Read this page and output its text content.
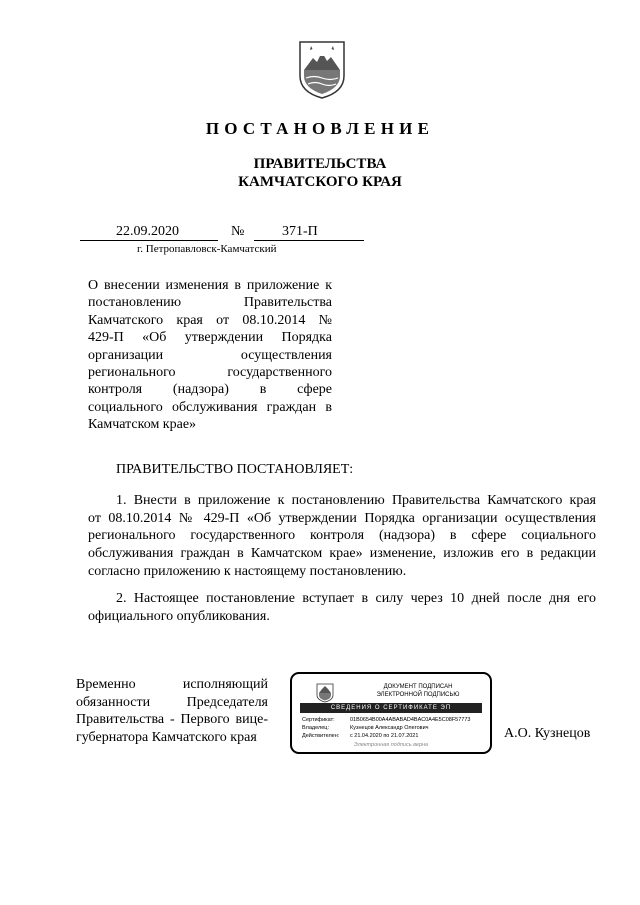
ПОСТАНОВЛЕНИЕ
ПРАВИТЕЛЬСТВА
КАМЧАТСКОГО КРАЯ
22.09.2020	№	371-П
г. Петропавловск-Камчатский
О внесении изменения в приложение к
постановлению Правительства
Камчатского края от 08.10.2014 №
429-П «Об утверждении Порядка
организации осуществления
регионального государственного
контроля (надзора) в сфере
социального обслуживания граждан в
Камчатском крае»
ПРАВИТЕЛЬСТВО ПОСТАНОВЛЯЕТ:
1. Внести в приложение к постановлению Правительства Камчатского края
от 08.10.2014 № 429-П «Об утверждении Порядка организации осуществления
регионального государственного контроля (надзора) в сфере социального
обслуживания граждан в Камчатском крае» изменение, изложив его в редакции
согласно приложению к настоящему постановлению.
2. Настоящее постановление вступает в силу через 10 дней после дня его
официального опубликования.
Временно исполняющий
обязанности Председателя
Правительства - Первого вице-
губернатора Камчатского края	А.О. Кузнецов
ДОКУМЕНТ ПОДПИСАН
ЭЛЕКТРОННОЙ ПОДПИСЬЮ
СВЕДЕНИЯ О СЕРТИФИКАТЕ ЭП
Сертификат:	01B0654B00A4ABABAD4BAC0A4E5C08F57773
Владелец:	Кузнецов Александр Олегович
Действителен: с 21.04.2020 по 21.07.2021
Электронная подпись верна
